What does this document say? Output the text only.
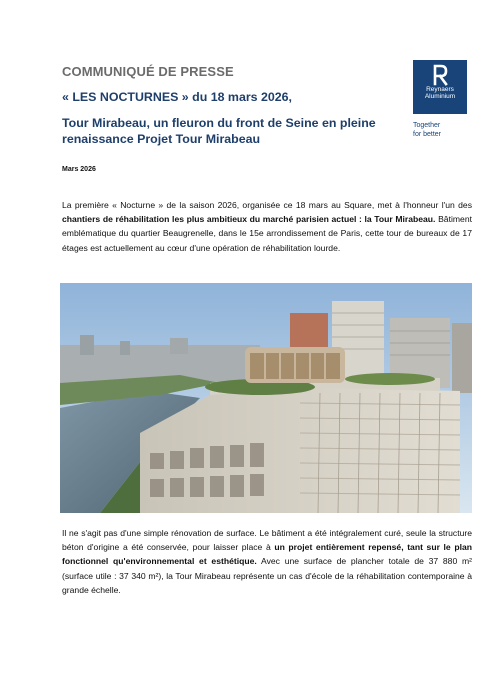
COMMUNIQUÉ DE PRESSE
« LES NOCTURNES » du 18 mars 2026,
Tour Mirabeau, un fleuron du front de Seine en pleine renaissance Projet Tour Mirabeau
Mars 2026
Reynaers
Aluminium
Together
for better
La première « Nocturne » de la saison 2026, organisée ce 18 mars au Square, met à l'honneur l'un des chantiers de réhabilitation les plus ambitieux du marché parisien actuel : la Tour Mirabeau. Bâtiment emblématique du quartier Beaugrenelle, dans le 15e arrondissement de Paris, cette tour de bureaux de 17 étages est actuellement au cœur d'une opération de réhabilitation lourde.
Il ne s'agit pas d'une simple rénovation de surface. Le bâtiment a été intégralement curé, seule la structure béton d'origine a été conservée, pour laisser place à un projet entièrement repensé, tant sur le plan fonctionnel qu'environnemental et esthétique. Avec une surface de plancher totale de 37 880 m² (surface utile : 37 340 m²), la Tour Mirabeau représente un cas d'école de la réhabilitation contemporaine à grande échelle.
